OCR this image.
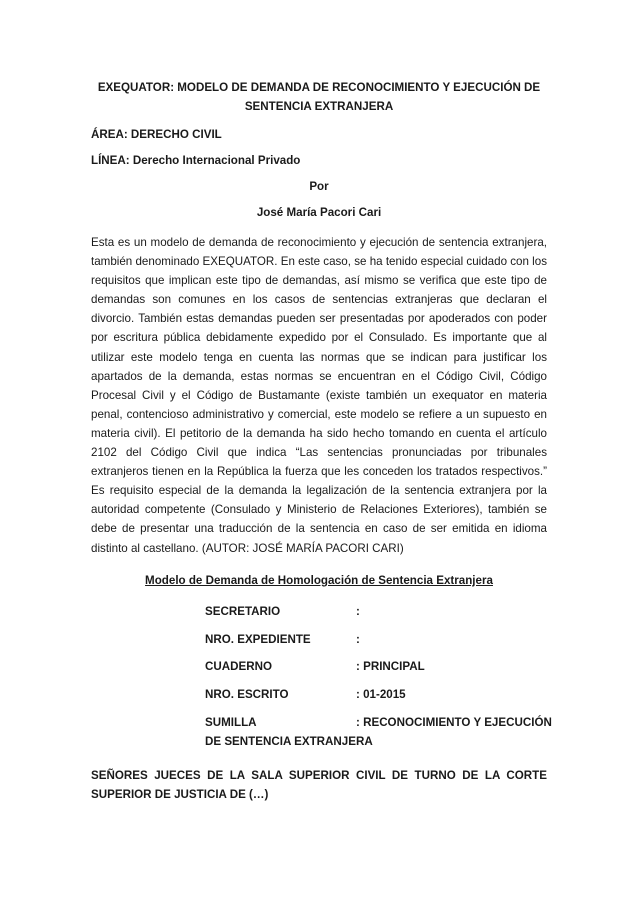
EXEQUATOR: MODELO DE DEMANDA DE RECONOCIMIENTO Y EJECUCIÓN DE
SENTENCIA EXTRANJERA

ÁREA: DERECHO CIVIL

LÍNEA: Derecho Internacional Privado

Por

José María Pacori Cari

Esta es un modelo de demanda de reconocimiento y ejecución de sentencia extranjera, también denominado EXEQUATOR. En este caso, se ha tenido especial cuidado con los requisitos que implican este tipo de demandas, así mismo se verifica que este tipo de demandas son comunes en los casos de sentencias extranjeras que declaran el divorcio. También estas demandas pueden ser presentadas por apoderados con poder por escritura pública debidamente expedido por el Consulado. Es importante que al utilizar este modelo tenga en cuenta las normas que se indican para justificar los apartados de la demanda, estas normas se encuentran en el Código Civil, Código Procesal Civil y el Código de Bustamante (existe también un exequator en materia penal, contencioso administrativo y comercial, este modelo se refiere a un supuesto en materia civil). El petitorio de la demanda ha sido hecho tomando en cuenta el artículo 2102 del Código Civil que indica “Las sentencias pronunciadas por tribunales extranjeros tienen en la República la fuerza que les conceden los tratados respectivos.” Es requisito especial de la demanda la legalización de la sentencia extranjera por la autoridad competente (Consulado y Ministerio de Relaciones Exteriores), también se debe de presentar una traducción de la sentencia en caso de ser emitida en idioma distinto al castellano. (AUTOR: JOSÉ MARÍA PACORI CARI)

Modelo de Demanda de Homologación de Sentencia Extranjera

SECRETARIO	:
NRO. EXPEDIENTE	:
CUADERNO	: PRINCIPAL
NRO. ESCRITO	: 01-2015
SUMILLA	: RECONOCIMIENTO Y EJECUCIÓN
DE SENTENCIA EXTRANJERA

SEÑORES JUECES DE LA SALA SUPERIOR CIVIL DE TURNO DE LA CORTE SUPERIOR DE JUSTICIA DE (…)
